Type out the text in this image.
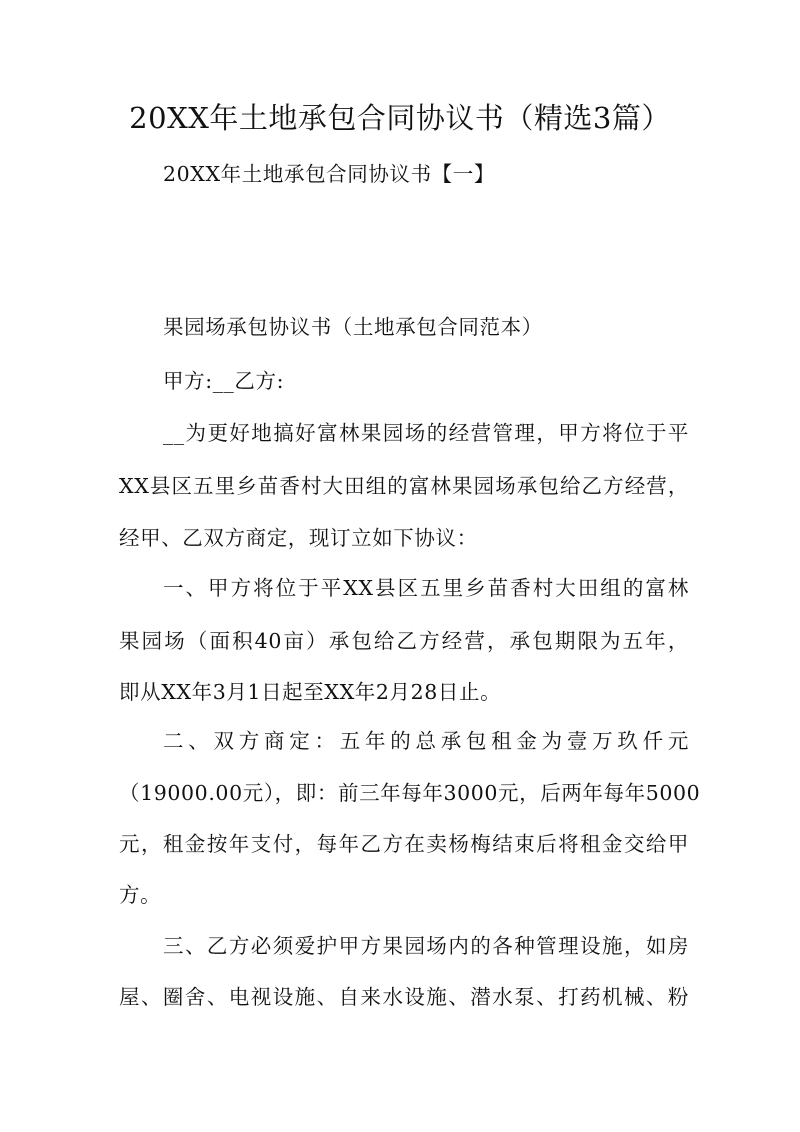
20XX年土地承包合同协议书（精选3篇）
20XX年土地承包合同协议书【一】
果园场承包协议书（土地承包合同范本）
甲方:__乙方:
__为更好地搞好富林果园场的经营管理，甲方将位于平
XX县区五里乡苗香村大田组的富林果园场承包给乙方经营，
经甲、乙双方商定，现订立如下协议：
一、甲方将位于平XX县区五里乡苗香村大田组的富林
果园场（面积40亩）承包给乙方经营，承包期限为五年，
即从XX年3月1日起至XX年2月28日止。
二、双方商定：五年的总承包租金为壹万玖仟元
（19000.00元），即：前三年每年3000元，后两年每年5000
元，租金按年支付，每年乙方在卖杨梅结束后将租金交给甲
方。
三、乙方必须爱护甲方果园场内的各种管理设施，如房
屋、圈舍、电视设施、自来水设施、潜水泵、打药机械、粉
